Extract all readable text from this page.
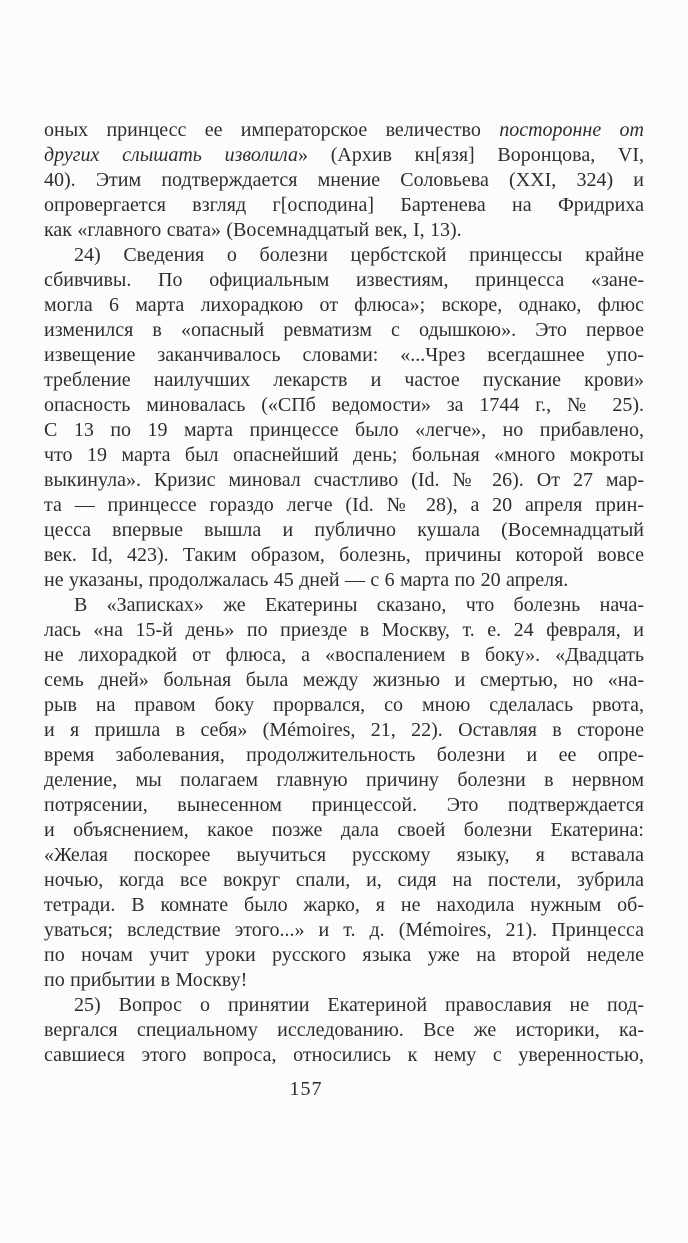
оных принцесс ее императорское величество посторонне от
других слышать изволила» (Архив кн[язя] Воронцова, VI,
40). Этим подтверждается мнение Соловьева (XXI, 324) и
опровергается взгляд г[осподина] Бартенева на Фридриха
как «главного свата» (Восемнадцатый век, I, 13).
24) Сведения о болезни цербстской принцессы крайне
сбивчивы. По официальным известиям, принцесса «зане-
могла 6 марта лихорадкою от флюса»; вскоре, однако, флюс
изменился в «опасный ревматизм с одышкою». Это первое
извещение заканчивалось словами: «...Чрез всегдашнее упо-
требление наилучших лекарств и частое пускание крови»
опасность миновалась («СПб ведомости» за 1744 г., № 25).
С 13 по 19 марта принцессе было «легче», но прибавлено,
что 19 марта был опаснейший день; больная «много мокроты
выкинула». Кризис миновал счастливо (Id. № 26). От 27 мар-
та — принцессе гораздо легче (Id. № 28), а 20 апреля прин-
цесса впервые вышла и публично кушала (Восемнадцатый
век. Id, 423). Таким образом, болезнь, причины которой вовсе
не указаны, продолжалась 45 дней — с 6 марта по 20 апреля.
В «Записках» же Екатерины сказано, что болезнь нача-
лась «на 15-й день» по приезде в Москву, т. е. 24 февраля, и
не лихорадкой от флюса, а «воспалением в боку». «Двадцать
семь дней» больная была между жизнью и смертью, но «на-
рыв на правом боку прорвался, со мною сделалась рвота,
и я пришла в себя» (Mémoires, 21, 22). Оставляя в стороне
время заболевания, продолжительность болезни и ее опре-
деление, мы полагаем главную причину болезни в нервном
потрясении, вынесенном принцессой. Это подтверждается
и объяснением, какое позже дала своей болезни Екатерина:
«Желая поскорее выучиться русскому языку, я вставала
ночью, когда все вокруг спали, и, сидя на постели, зубрила
тетради. В комнате было жарко, я не находила нужным об-
уваться; вследствие этого...» и т. д. (Mémoires, 21). Принцесса
по ночам учит уроки русского языка уже на второй неделе
по прибытии в Москву!
25) Вопрос о принятии Екатериной православия не под-
вергался специальному исследованию. Все же историки, ка-
савшиеся этого вопроса, относились к нему с уверенностью,
157
